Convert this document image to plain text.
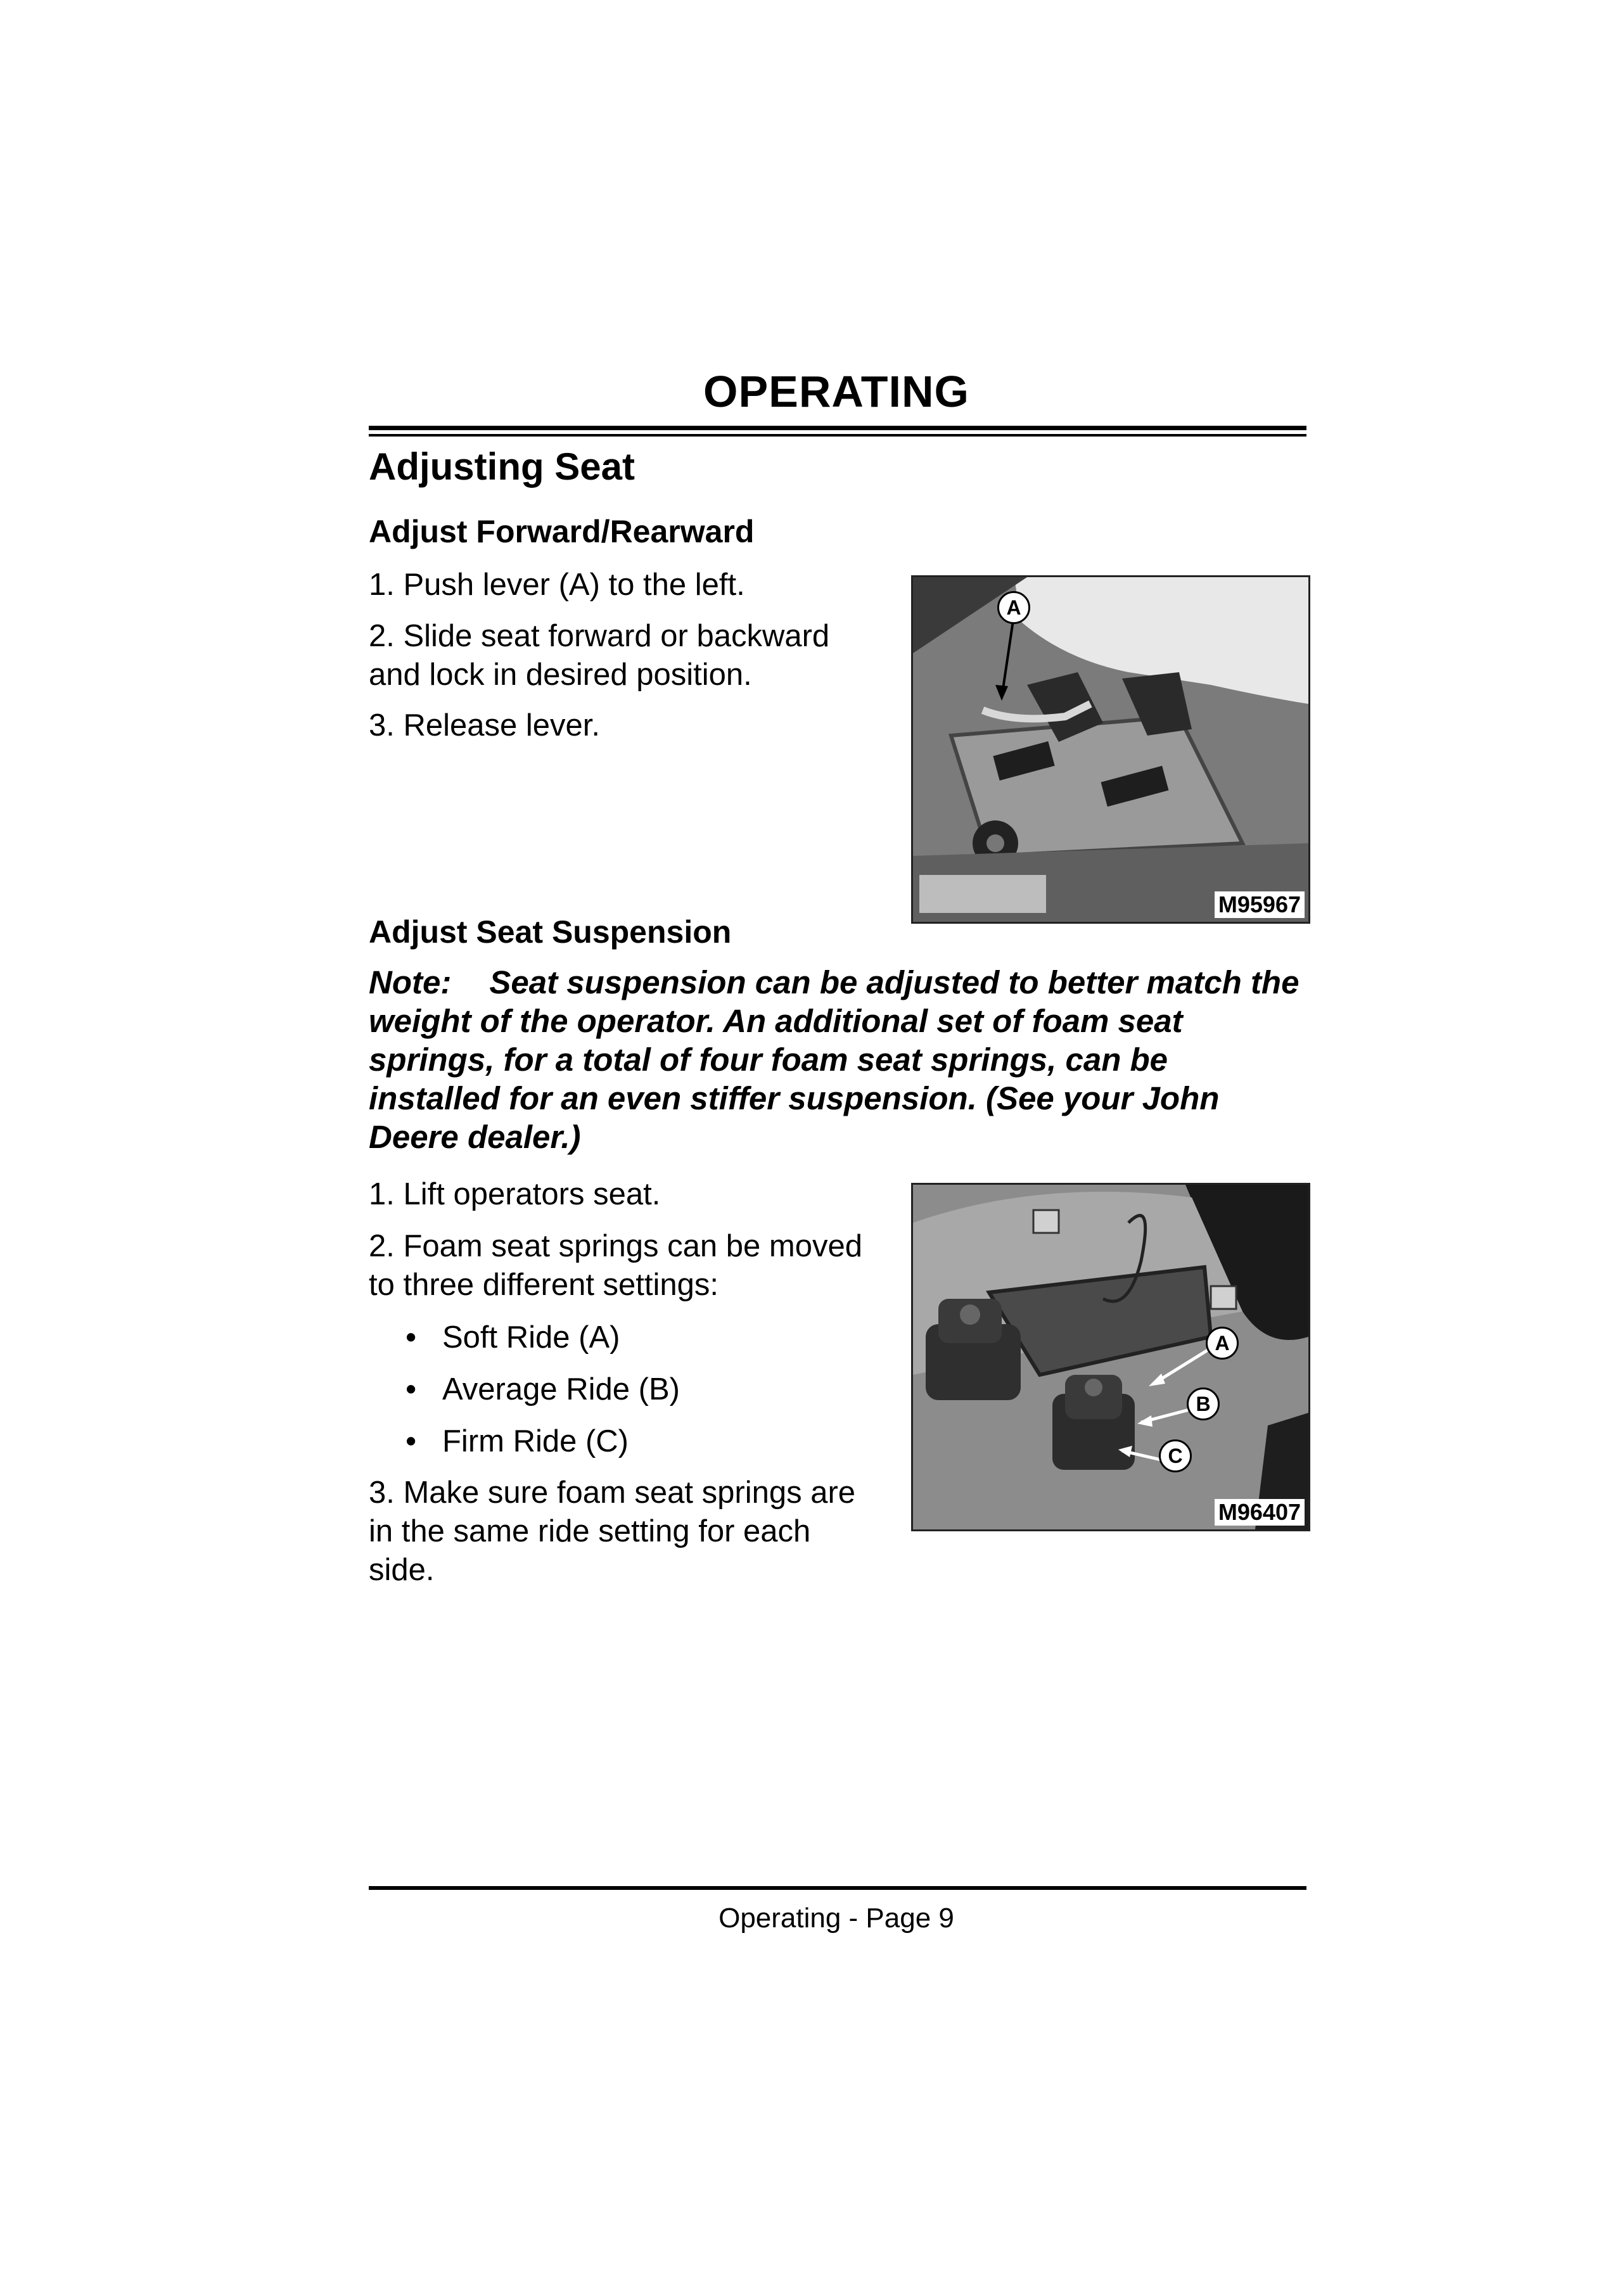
OPERATING
Adjusting Seat
Adjust Forward/Rearward
1. Push lever (A) to the left.
2. Slide seat forward or backward
and lock in desired position.
3. Release lever.
A
M95967
Adjust Seat Suspension
Note: Seat suspension can be adjusted to better match the
weight of the operator. An additional set of foam seat
springs, for a total of four foam seat springs, can be
installed for an even stiffer suspension. (See your John
Deere dealer.)
1. Lift operators seat.
2. Foam seat springs can be moved
to three different settings:
• Soft Ride (A)
• Average Ride (B)
• Firm Ride (C)
3. Make sure foam seat springs are
in the same ride setting for each
side.
A
B
C
M96407
Operating - Page 9
